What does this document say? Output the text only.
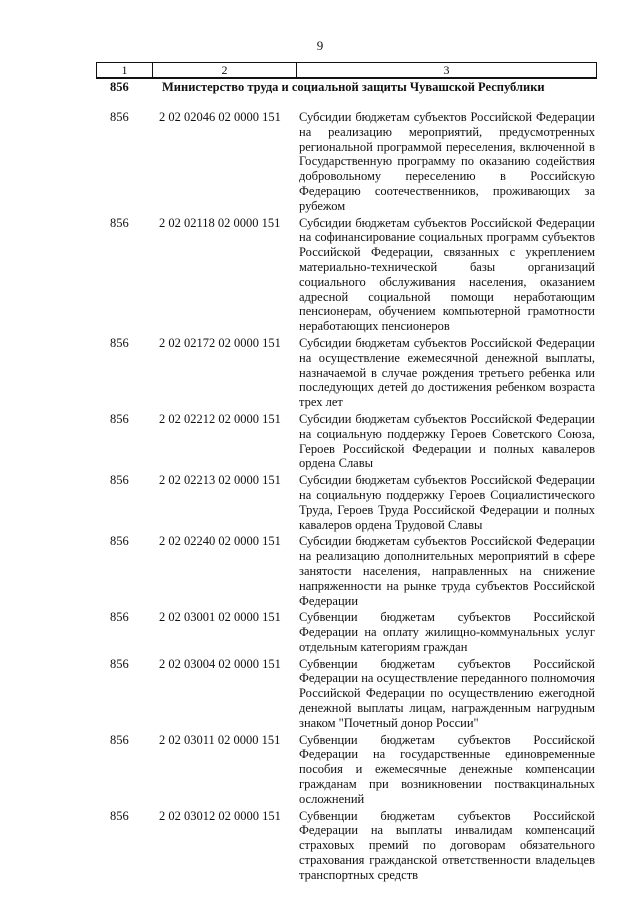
9
1	2	3
856	Министерство труда и социальной защиты Чувашской Республики
856	2 02 02046 02 0000 151	Субсидии бюджетам субъектов Российской Федерации на реализацию мероприятий, предусмотренных региональной программой переселения, включенной в Государственную программу по оказанию содействия добровольному переселению в Российскую Федерацию соотечественников, проживающих за рубежом
856	2 02 02118 02 0000 151	Субсидии бюджетам субъектов Российской Федерации на софинансирование социальных программ субъектов Российской Федерации, связанных с укреплением материально-технической базы организаций социального обслуживания населения, оказанием адресной социальной помощи неработающим пенсионерам, обучением компьютерной грамотности неработающих пенсионеров
856	2 02 02172 02 0000 151	Субсидии бюджетам субъектов Российской Федерации на осуществление ежемесячной денежной выплаты, назначаемой в случае рождения третьего ребенка или последующих детей до достижения ребенком возраста трех лет
856	2 02 02212 02 0000 151	Субсидии бюджетам субъектов Российской Федерации на социальную поддержку Героев Советского Союза, Героев Российской Федерации и полных кавалеров ордена Славы
856	2 02 02213 02 0000 151	Субсидии бюджетам субъектов Российской Федерации на социальную поддержку Героев Социалистического Труда, Героев Труда Российской Федерации и полных кавалеров ордена Трудовой Славы
856	2 02 02240 02 0000 151	Субсидии бюджетам субъектов Российской Федерации на реализацию дополнительных мероприятий в сфере занятости населения, направленных на снижение напряженности на рынке труда субъектов Российской Федерации
856	2 02 03001 02 0000 151	Субвенции бюджетам субъектов Российской Федерации на оплату жилищно-коммунальных услуг отдельным категориям граждан
856	2 02 03004 02 0000 151	Субвенции бюджетам субъектов Российской Федерации на осуществление переданного полномочия Российской Федерации по осуществлению ежегодной денежной выплаты лицам, награжденным нагрудным знаком "Почетный донор России"
856	2 02 03011 02 0000 151	Субвенции бюджетам субъектов Российской Федерации на государственные единовременные пособия и ежемесячные денежные компенсации гражданам при возникновении поствакцинальных осложнений
856	2 02 03012 02 0000 151	Субвенции бюджетам субъектов Российской Федерации на выплаты инвалидам компенсаций страховых премий по договорам обязательного страхования гражданской ответственности владельцев транспортных средств
